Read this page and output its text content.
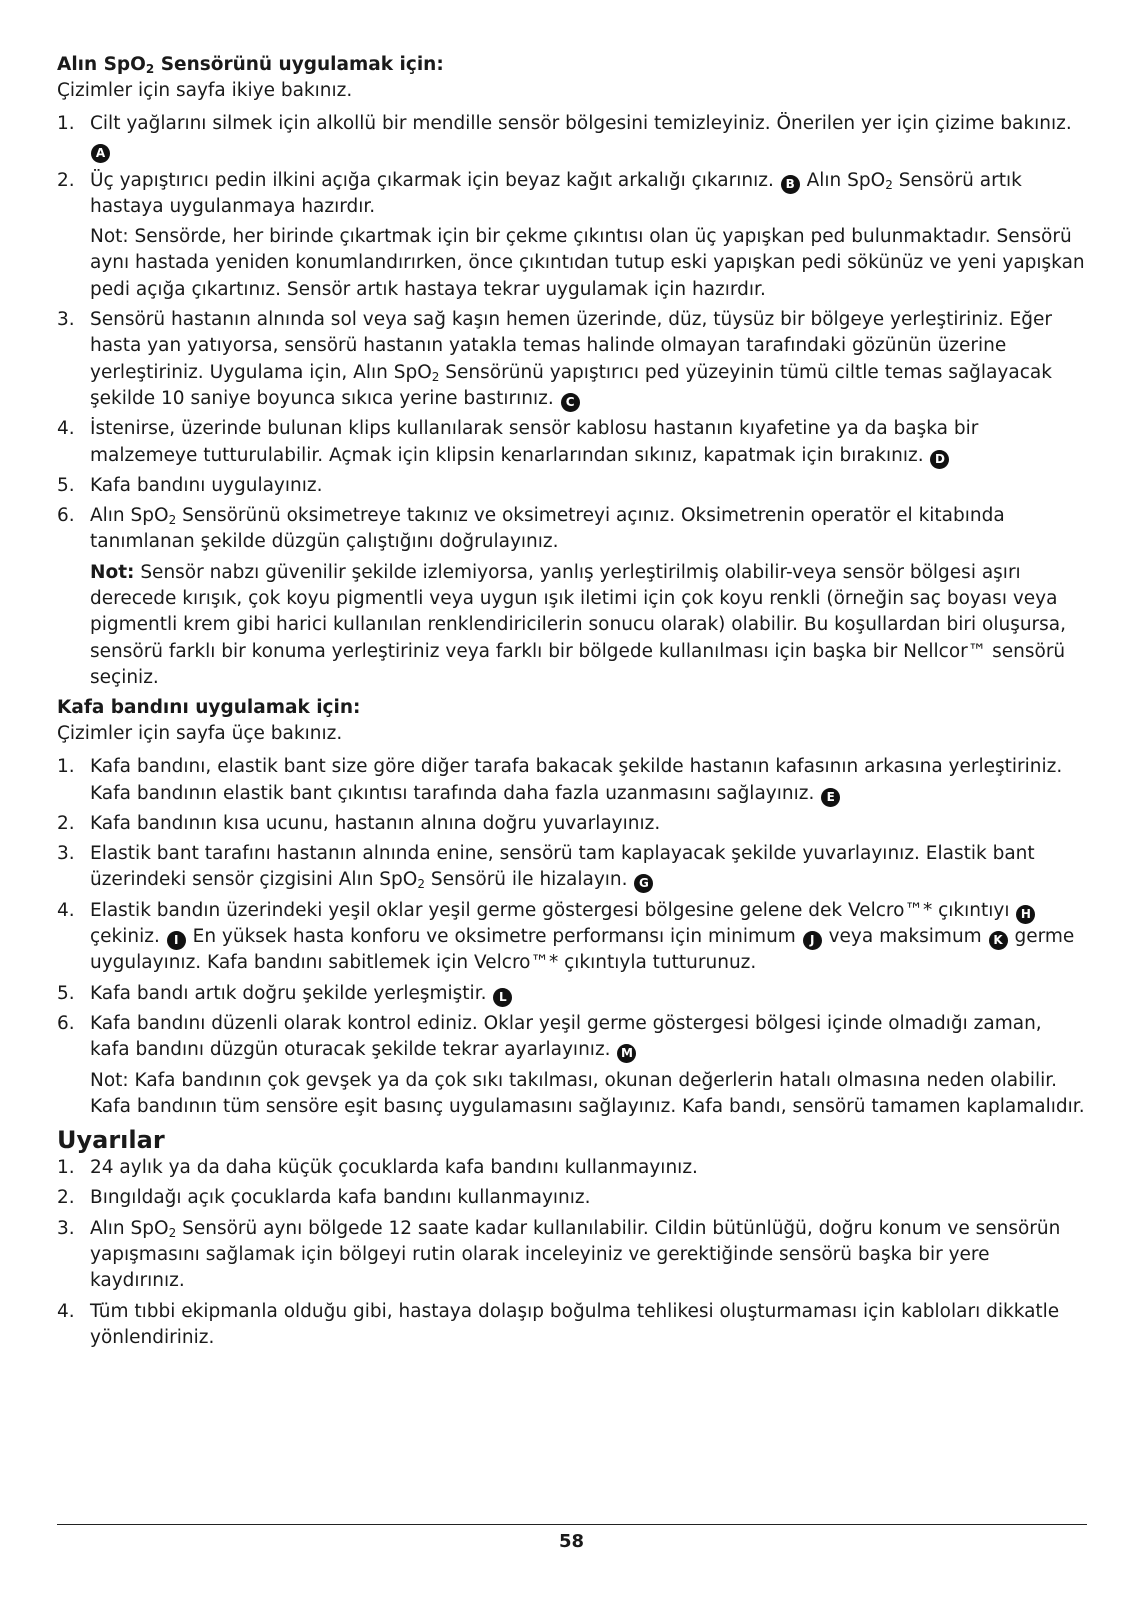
Alın SpO$_2$ Sensörünü uygulamak için:
Çizimler için sayfa ikiye bakınız.
1. Cilt yağlarını silmek için alkollü bir mendille sensör bölgesini temizleyiniz. Önerilen yer için çizime bakınız. A
2. Üç yapıştırıcı pedin ilkini açığa çıkarmak için beyaz kağıt arkalığı çıkarınız. B Alın SpO$_2$ Sensörü artık hastaya uygulanmaya hazırdır.
Not: Sensörde, her birinde çıkartmak için bir çekme çıkıntısı olan üç yapışkan ped bulunmaktadır. Sensörü aynı hastada yeniden konumlandırırken, önce çıkıntıdan tutup eski yapışkan pedi sökünüz ve yeni yapışkan pedi açığa çıkartınız. Sensör artık hastaya tekrar uygulamak için hazırdır.
3. Sensörü hastanın alnında sol veya sağ kaşın hemen üzerinde, düz, tüysüz bir bölgeye yerleştiriniz. Eğer hasta yan yatıyorsa, sensörü hastanın yatakla temas halinde olmayan tarafındaki gözünün üzerine yerleştiriniz. Uygulama için, Alın SpO$_2$ Sensörünü yapıştırıcı ped yüzeyinin tümü ciltle temas sağlayacak şekilde 10 saniye boyunca sıkıca yerine bastırınız. C
4. İstenirse, üzerinde bulunan klips kullanılarak sensör kablosu hastanın kıyafetine ya da başka bir malzemeye tutturulabilir. Açmak için klipsin kenarlarından sıkınız, kapatmak için bırakınız. D
5. Kafa bandını uygulayınız.
6. Alın SpO$_2$ Sensörünü oksimetreye takınız ve oksimetreyi açınız. Oksimetrenin operatör el kitabında tanımlanan şekilde düzgün çalıştığını doğrulayınız.
Not: Sensör nabzı güvenilir şekilde izlemiyorsa, yanlış yerleştirilmiş olabilir-veya sensör bölgesi aşırı derecede kırışık, çok koyu pigmentli veya uygun ışık iletimi için çok koyu renkli (örneğin saç boyası veya pigmentli krem gibi harici kullanılan renklendiricilerin sonucu olarak) olabilir. Bu koşullardan biri oluşursa, sensörü farklı bir konuma yerleştiriniz veya farklı bir bölgede kullanılması için başka bir Nellcor™ sensörü seçiniz.
Kafa bandını uygulamak için:
Çizimler için sayfa üçe bakınız.
1. Kafa bandını, elastik bant size göre diğer tarafa bakacak şekilde hastanın kafasının arkasına yerleştiriniz. Kafa bandının elastik bant çıkıntısı tarafında daha fazla uzanmasını sağlayınız. E
2. Kafa bandının kısa ucunu, hastanın alnına doğru yuvarlayınız.
3. Elastik bant tarafını hastanın alnında enine, sensörü tam kaplayacak şekilde yuvarlayınız. Elastik bant üzerindeki sensör çizgisini Alın SpO$_2$ Sensörü ile hizalayın. G
4. Elastik bandın üzerindeki yeşil oklar yeşil germe göstergesi bölgesine gelene dek Velcro™* çıkıntıyı H çekiniz. I En yüksek hasta konforu ve oksimetre performansı için minimum J veya maksimum K germe uygulayınız. Kafa bandını sabitlemek için Velcro™* çıkıntıyla tutturunuz.
5. Kafa bandı artık doğru şekilde yerleşmiştir. L
6. Kafa bandını düzenli olarak kontrol ediniz. Oklar yeşil germe göstergesi bölgesi içinde olmadığı zaman, kafa bandını düzgün oturacak şekilde tekrar ayarlayınız. M
Not: Kafa bandının çok gevşek ya da çok sıkı takılması, okunan değerlerin hatalı olmasına neden olabilir. Kafa bandının tüm sensöre eşit basınç uygulamasını sağlayınız. Kafa bandı, sensörü tamamen kaplamalıdır.
Uyarılar
1. 24 aylık ya da daha küçük çocuklarda kafa bandını kullanmayınız.
2. Bıngıldağı açık çocuklarda kafa bandını kullanmayınız.
3. Alın SpO$_2$ Sensörü aynı bölgede 12 saate kadar kullanılabilir. Cildin bütünlüğü, doğru konum ve sensörün yapışmasını sağlamak için bölgeyi rutin olarak inceleyiniz ve gerektiğinde sensörü başka bir yere kaydırınız.
4. Tüm tıbbi ekipmanla olduğu gibi, hastaya dolaşıp boğulma tehlikesi oluşturmaması için kabloları dikkatle yönlendiriniz.
58
